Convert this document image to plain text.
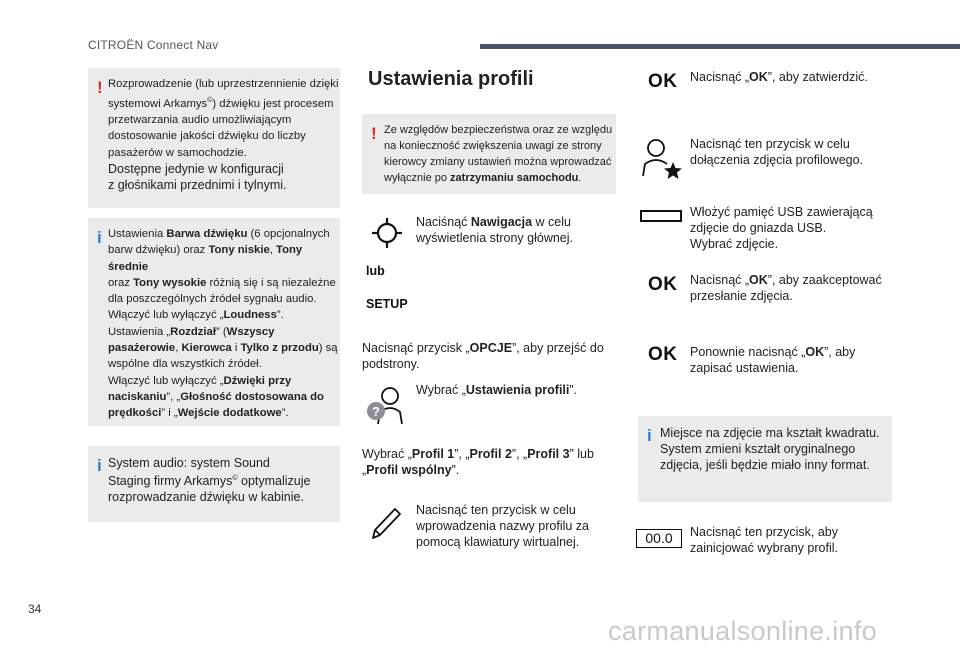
CITROËN Connect Nav
! Rozprowadzenie (lub uprzestrzennienie dzięki
systemowi Arkamys©) dźwięku jest procesem
przetwarzania audio umożliwiającym
dostosowanie jakości dźwięku do liczby
pasażerów w samochodzie.
Dostępne jedynie w konfiguracji
z głośnikami przednimi i tylnymi.
i Ustawienia Barwa dźwięku (6 opcjonalnych
barw dźwięku) oraz Tony niskie, Tony średnie
oraz Tony wysokie różnią się i są niezależne
dla poszczególnych źródeł sygnału audio.
Włączyć lub wyłączyć „Loudness”.
Ustawienia „Rozdział” (Wszyscy
pasażerowie, Kierowca i Tylko z przodu) są
wspólne dla wszystkich źródeł.
Włączyć lub wyłączyć „Dźwięki przy
naciskaniu”, „Głośność dostosowana do
prędkości” i „Wejście dodatkowe”.
i System audio: system Sound
Staging firmy Arkamys© optymalizuje
rozprowadzanie dźwięku w kabinie.
Ustawienia profili
! Ze względów bezpieczeństwa oraz ze względu
na konieczność zwiększenia uwagi ze strony
kierowcy zmiany ustawień można wprowadzać
wyłącznie po zatrzymaniu samochodu.
Naciśnąć Nawigacja w celu
wyświetlenia strony głównej.
lub
SETUP
Nacisnąć przycisk „OPCJE”, aby przejść do
podstrony.
?
Wybrać „Ustawienia profili”.
Wybrać „Profil 1”, „Profil 2”, „Profil 3” lub
„Profil wspólny”.
Nacisnąć ten przycisk w celu
wprowadzenia nazwy profilu za
pomocą klawiatury wirtualnej.
OK Nacisnąć „OK”, aby zatwierdzić.
Nacisnąć ten przycisk w celu
dołączenia zdjęcia profilowego.
Włożyć pamięć USB zawierającą
zdjęcie do gniazda USB.
Wybrać zdjęcie.
OK Nacisnąć „OK”, aby zaakceptować
przesłanie zdjęcia.
OK Ponownie nacisnąć „OK”, aby
zapisać ustawienia.
i Miejsce na zdjęcie ma kształt kwadratu.
System zmieni kształt oryginalnego
zdjęcia, jeśli będzie miało inny format.
00.0	Nacisnąć ten przycisk, aby
zainicjować wybrany profil.
34
carmanualsonline.info
